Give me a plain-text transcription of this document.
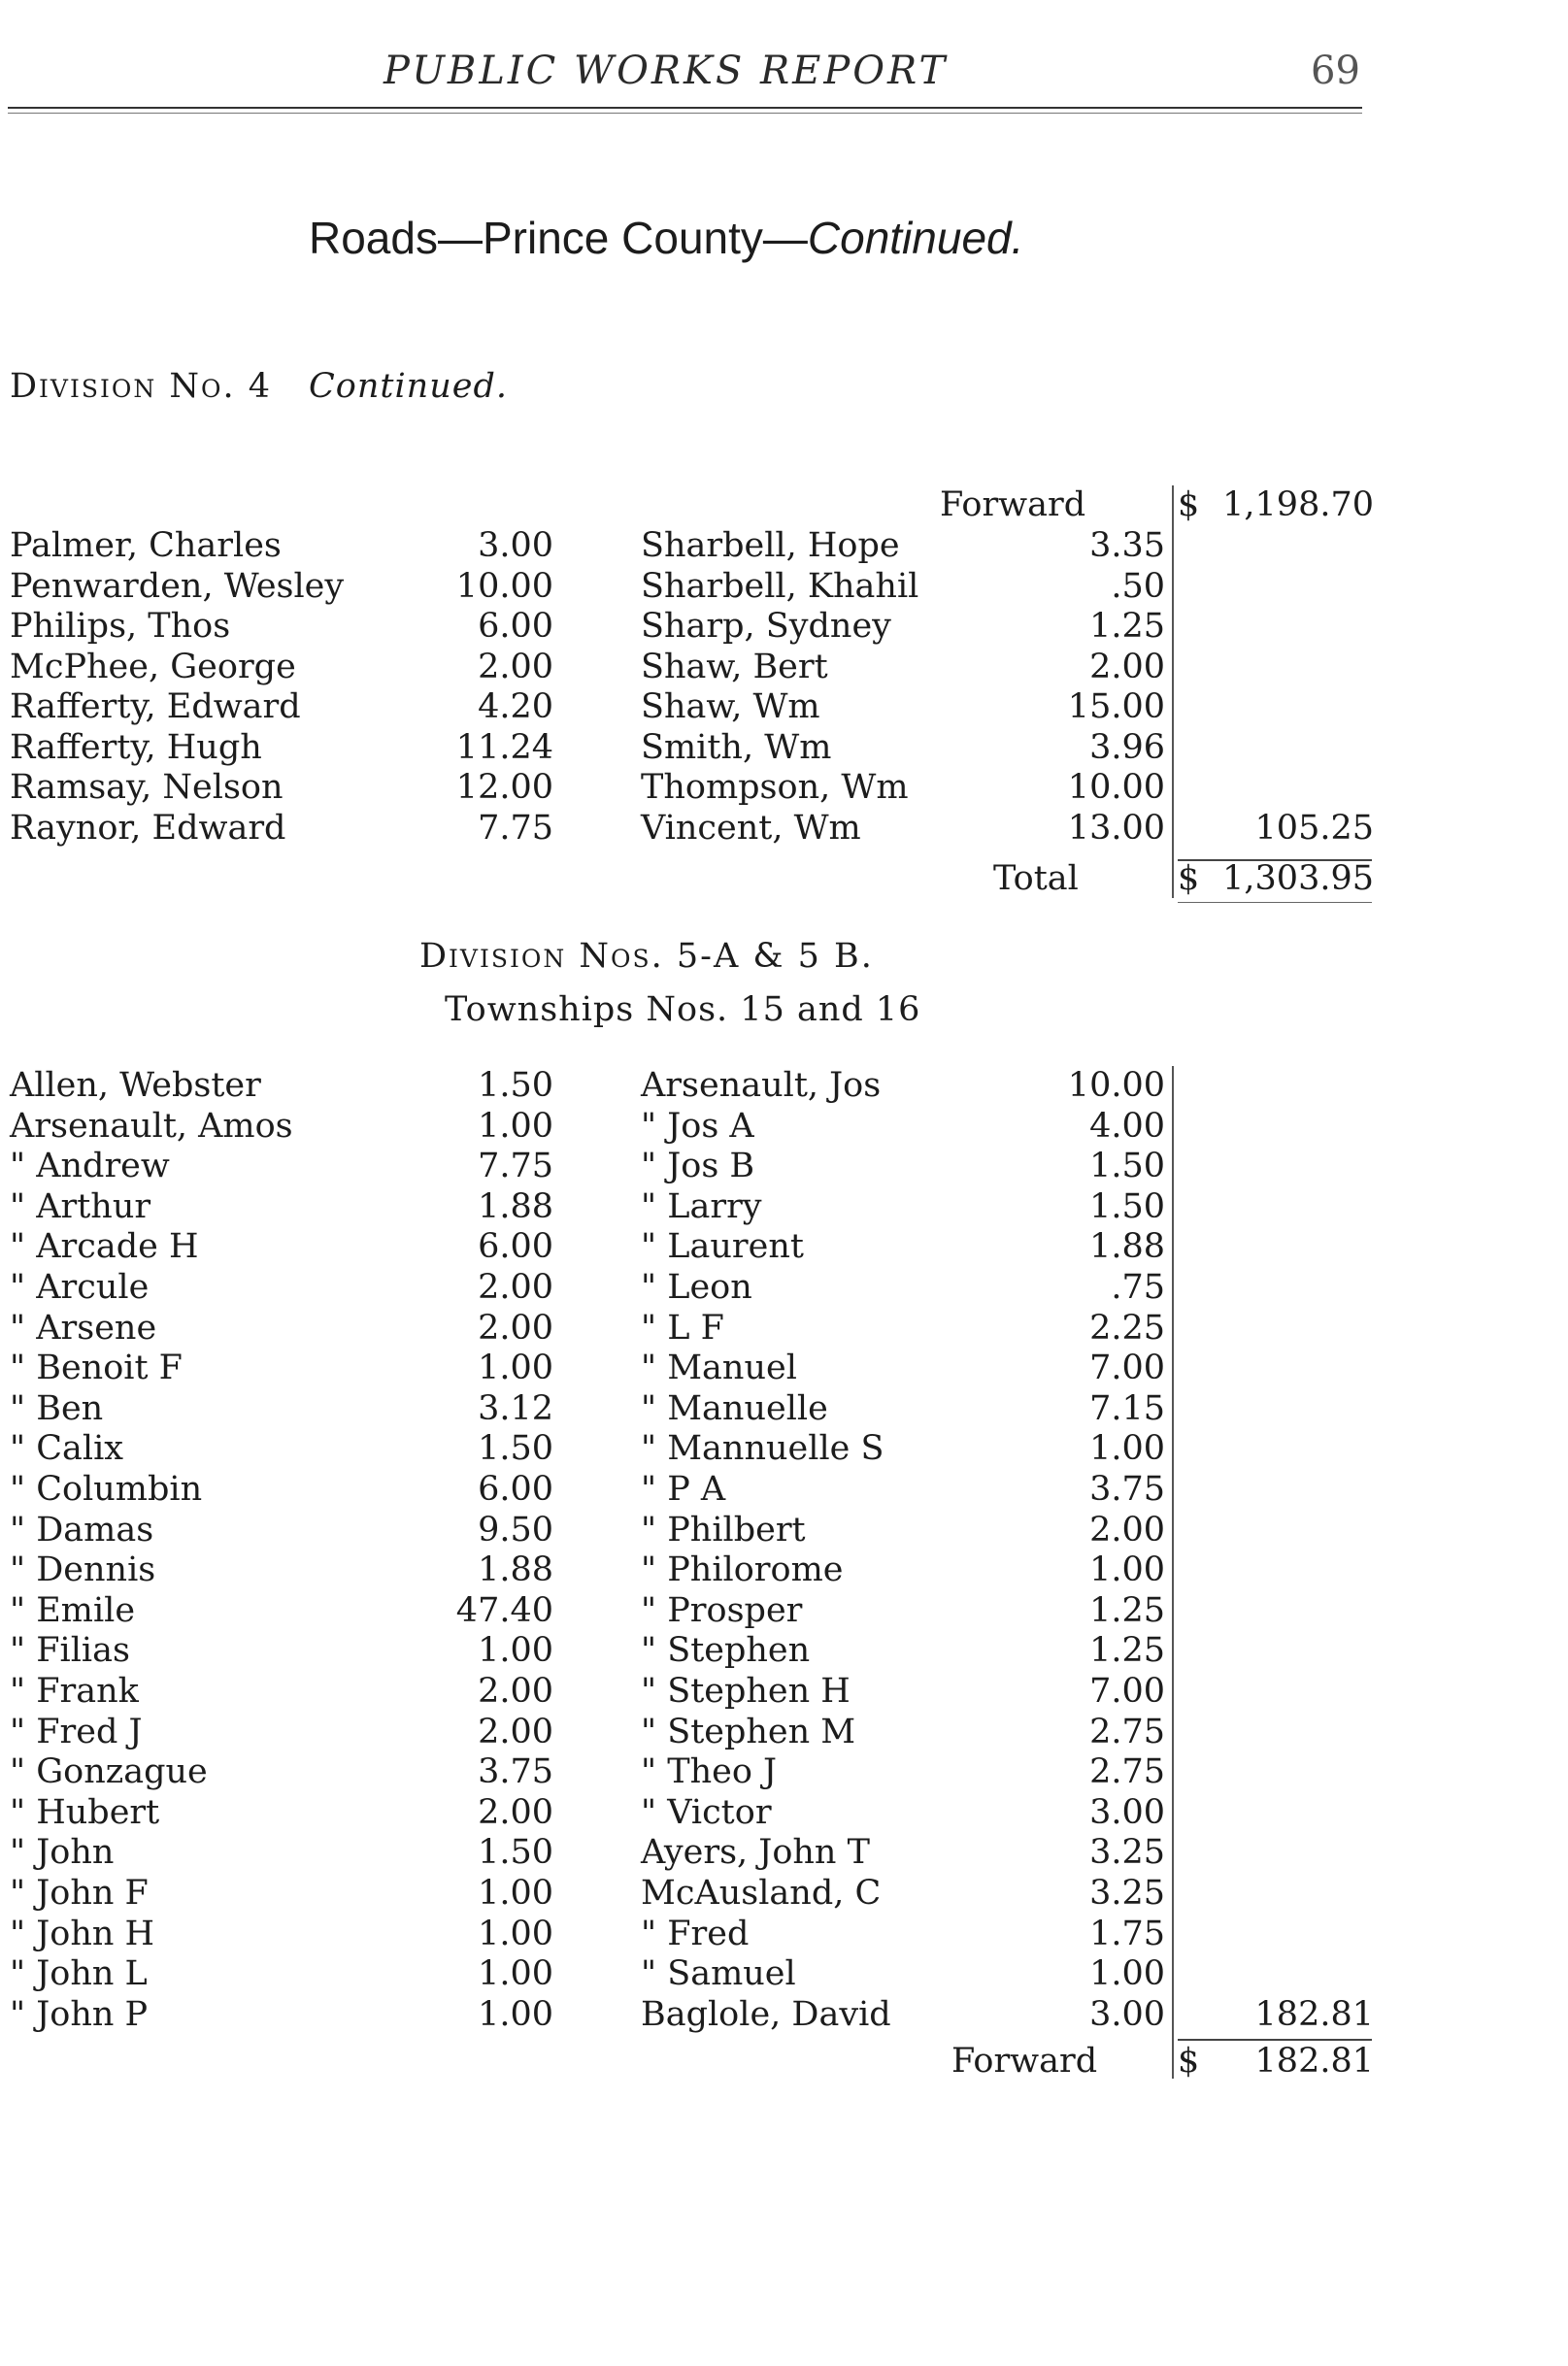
PUBLIC WORKS REPORT	69
Roads—Prince County—Continued.
Division No. 4 Continued.
Forward	$ 1,198.70
Palmer, Charles	3.00	Sharbell, Hope	3.35
Penwarden, Wesley	10.00	Sharbell, Khahil	.50
Philips, Thos	6.00	Sharp, Sydney	1.25
McPhee, George	2.00	Shaw, Bert	2.00
Rafferty, Edward	4.20	Shaw, Wm	15.00
Rafferty, Hugh	11.24	Smith, Wm	3.96
Ramsay, Nelson	12.00	Thompson, Wm	10.00
Raynor, Edward	7.75	Vincent, Wm	13.00	105.25
Total	$ 1,303.95
Division Nos. 5-A & 5 B.
Townships Nos. 15 and 16
Allen, Webster	1.50	Arsenault, Jos	10.00
Arsenault, Amos	1.00	" Jos A	4.00
" Andrew	7.75	" Jos B	1.50
" Arthur	1.88	" Larry	1.50
" Arcade H	6.00	" Laurent	1.88
" Arcule	2.00	" Leon	.75
" Arsene	2.00	" L F	2.25
" Benoit F	1.00	" Manuel	7.00
" Ben	3.12	" Manuelle	7.15
" Calix	1.50	" Mannuelle S	1.00
" Columbin	6.00	" P A	3.75
" Damas	9.50	" Philbert	2.00
" Dennis	1.88	" Philorome	1.00
" Emile	47.40	" Prosper	1.25
" Filias	1.00	" Stephen	1.25
" Frank	2.00	" Stephen H	7.00
" Fred J	2.00	" Stephen M	2.75
" Gonzague	3.75	" Theo J	2.75
" Hubert	2.00	" Victor	3.00
" John	1.50	Ayers, John T	3.25
" John F	1.00	McAusland, C	3.25
" John H	1.00	" Fred	1.75
" John L	1.00	" Samuel	1.00
" John P	1.00	Baglole, David	3.00	182.81
Forward $	182.81
